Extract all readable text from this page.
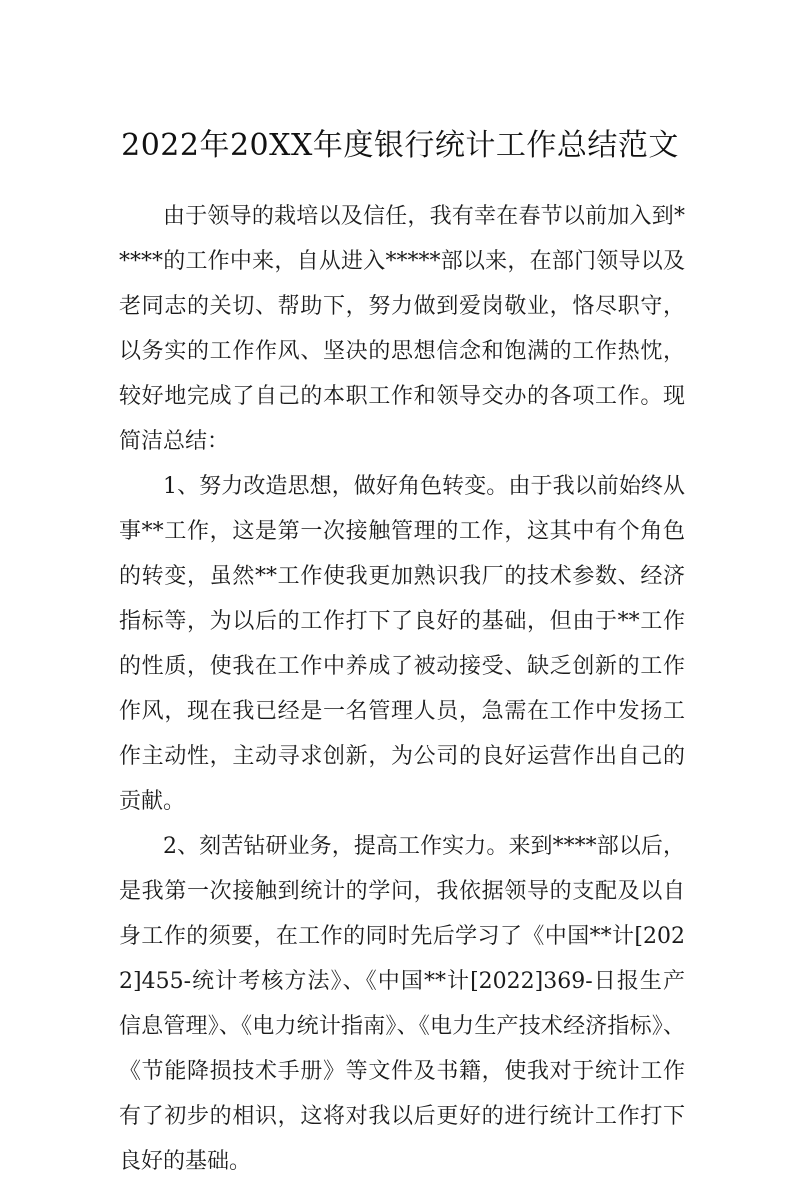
2022年20XX年度银行统计工作总结范文

由于领导的栽培以及信任，我有幸在春节以前加入到*****的工作中来，自从进入*****部以来，在部门领导以及老同志的关切、帮助下，努力做到爱岗敬业，恪尽职守，以务实的工作作风、坚决的思想信念和饱满的工作热忱，较好地完成了自己的本职工作和领导交办的各项工作。现简洁总结：

1、努力改造思想，做好角色转变。由于我以前始终从事**工作，这是第一次接触管理的工作，这其中有个角色的转变，虽然**工作使我更加熟识我厂的技术参数、经济指标等，为以后的工作打下了良好的基础，但由于**工作的性质，使我在工作中养成了被动接受、缺乏创新的工作作风，现在我已经是一名管理人员，急需在工作中发扬工作主动性，主动寻求创新，为公司的良好运营作出自己的贡献。

2、刻苦钻研业务，提高工作实力。来到****部以后，是我第一次接触到统计的学问，我依据领导的支配及以自身工作的须要，在工作的同时先后学习了《中国**计[2022]455-统计考核方法》、《中国**计[2022]369-日报生产信息管理》、《电力统计指南》、《电力生产技术经济指标》、《节能降损技术手册》等文件及书籍，使我对于统计工作有了初步的相识，这将对我以后更好的进行统计工作打下良好的基础。
